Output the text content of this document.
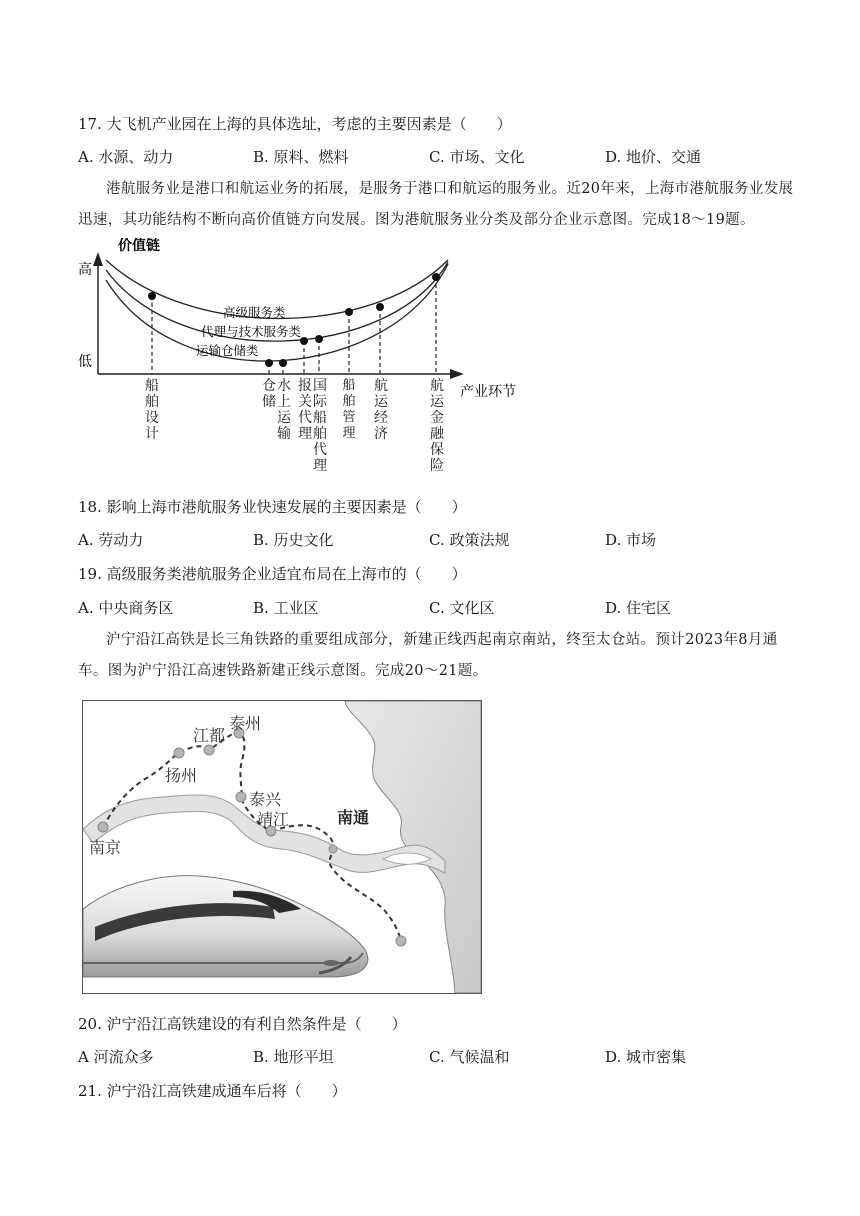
17. 大飞机产业园在上海的具体选址，考虑的主要因素是（　　）
A. 水源、动力	B. 原料、燃料	C. 市场、文化	D. 地价、交通
港航服务业是港口和航运业务的拓展，是服务于港口和航运的服务业。近20年来，上海市港航服务业发展迅速，其功能结构不断向高价值链方向发展。图为港航服务业分类及部分企业示意图。完成18～19题。
价值链
高
低
产业环节
高级服务类
代理与技术服务类
运输仓储类
船舶设计
仓储
水上运输
报关代理
国际船舶代理
船舶管理
航运经济
航运金融保险
18. 影响上海市港航服务业快速发展的主要因素是（　　）
A. 劳动力	B. 历史文化	C. 政策法规	D. 市场
19. 高级服务类港航服务企业适宜布局在上海市的（　　）
A. 中央商务区	B. 工业区	C. 文化区	D. 住宅区
沪宁沿江高铁是长三角铁路的重要组成部分，新建正线西起南京南站，终至太仓站。预计2023年8月通车。图为沪宁沿江高速铁路新建正线示意图。完成20～21题。
南京
扬州
江都
泰州
泰兴
靖江	南通
20. 沪宁沿江高铁建设的有利自然条件是（　　）
A 河流众多	B. 地形平坦	C. 气候温和	D. 城市密集
21. 沪宁沿江高铁建成通车后将（　　）
